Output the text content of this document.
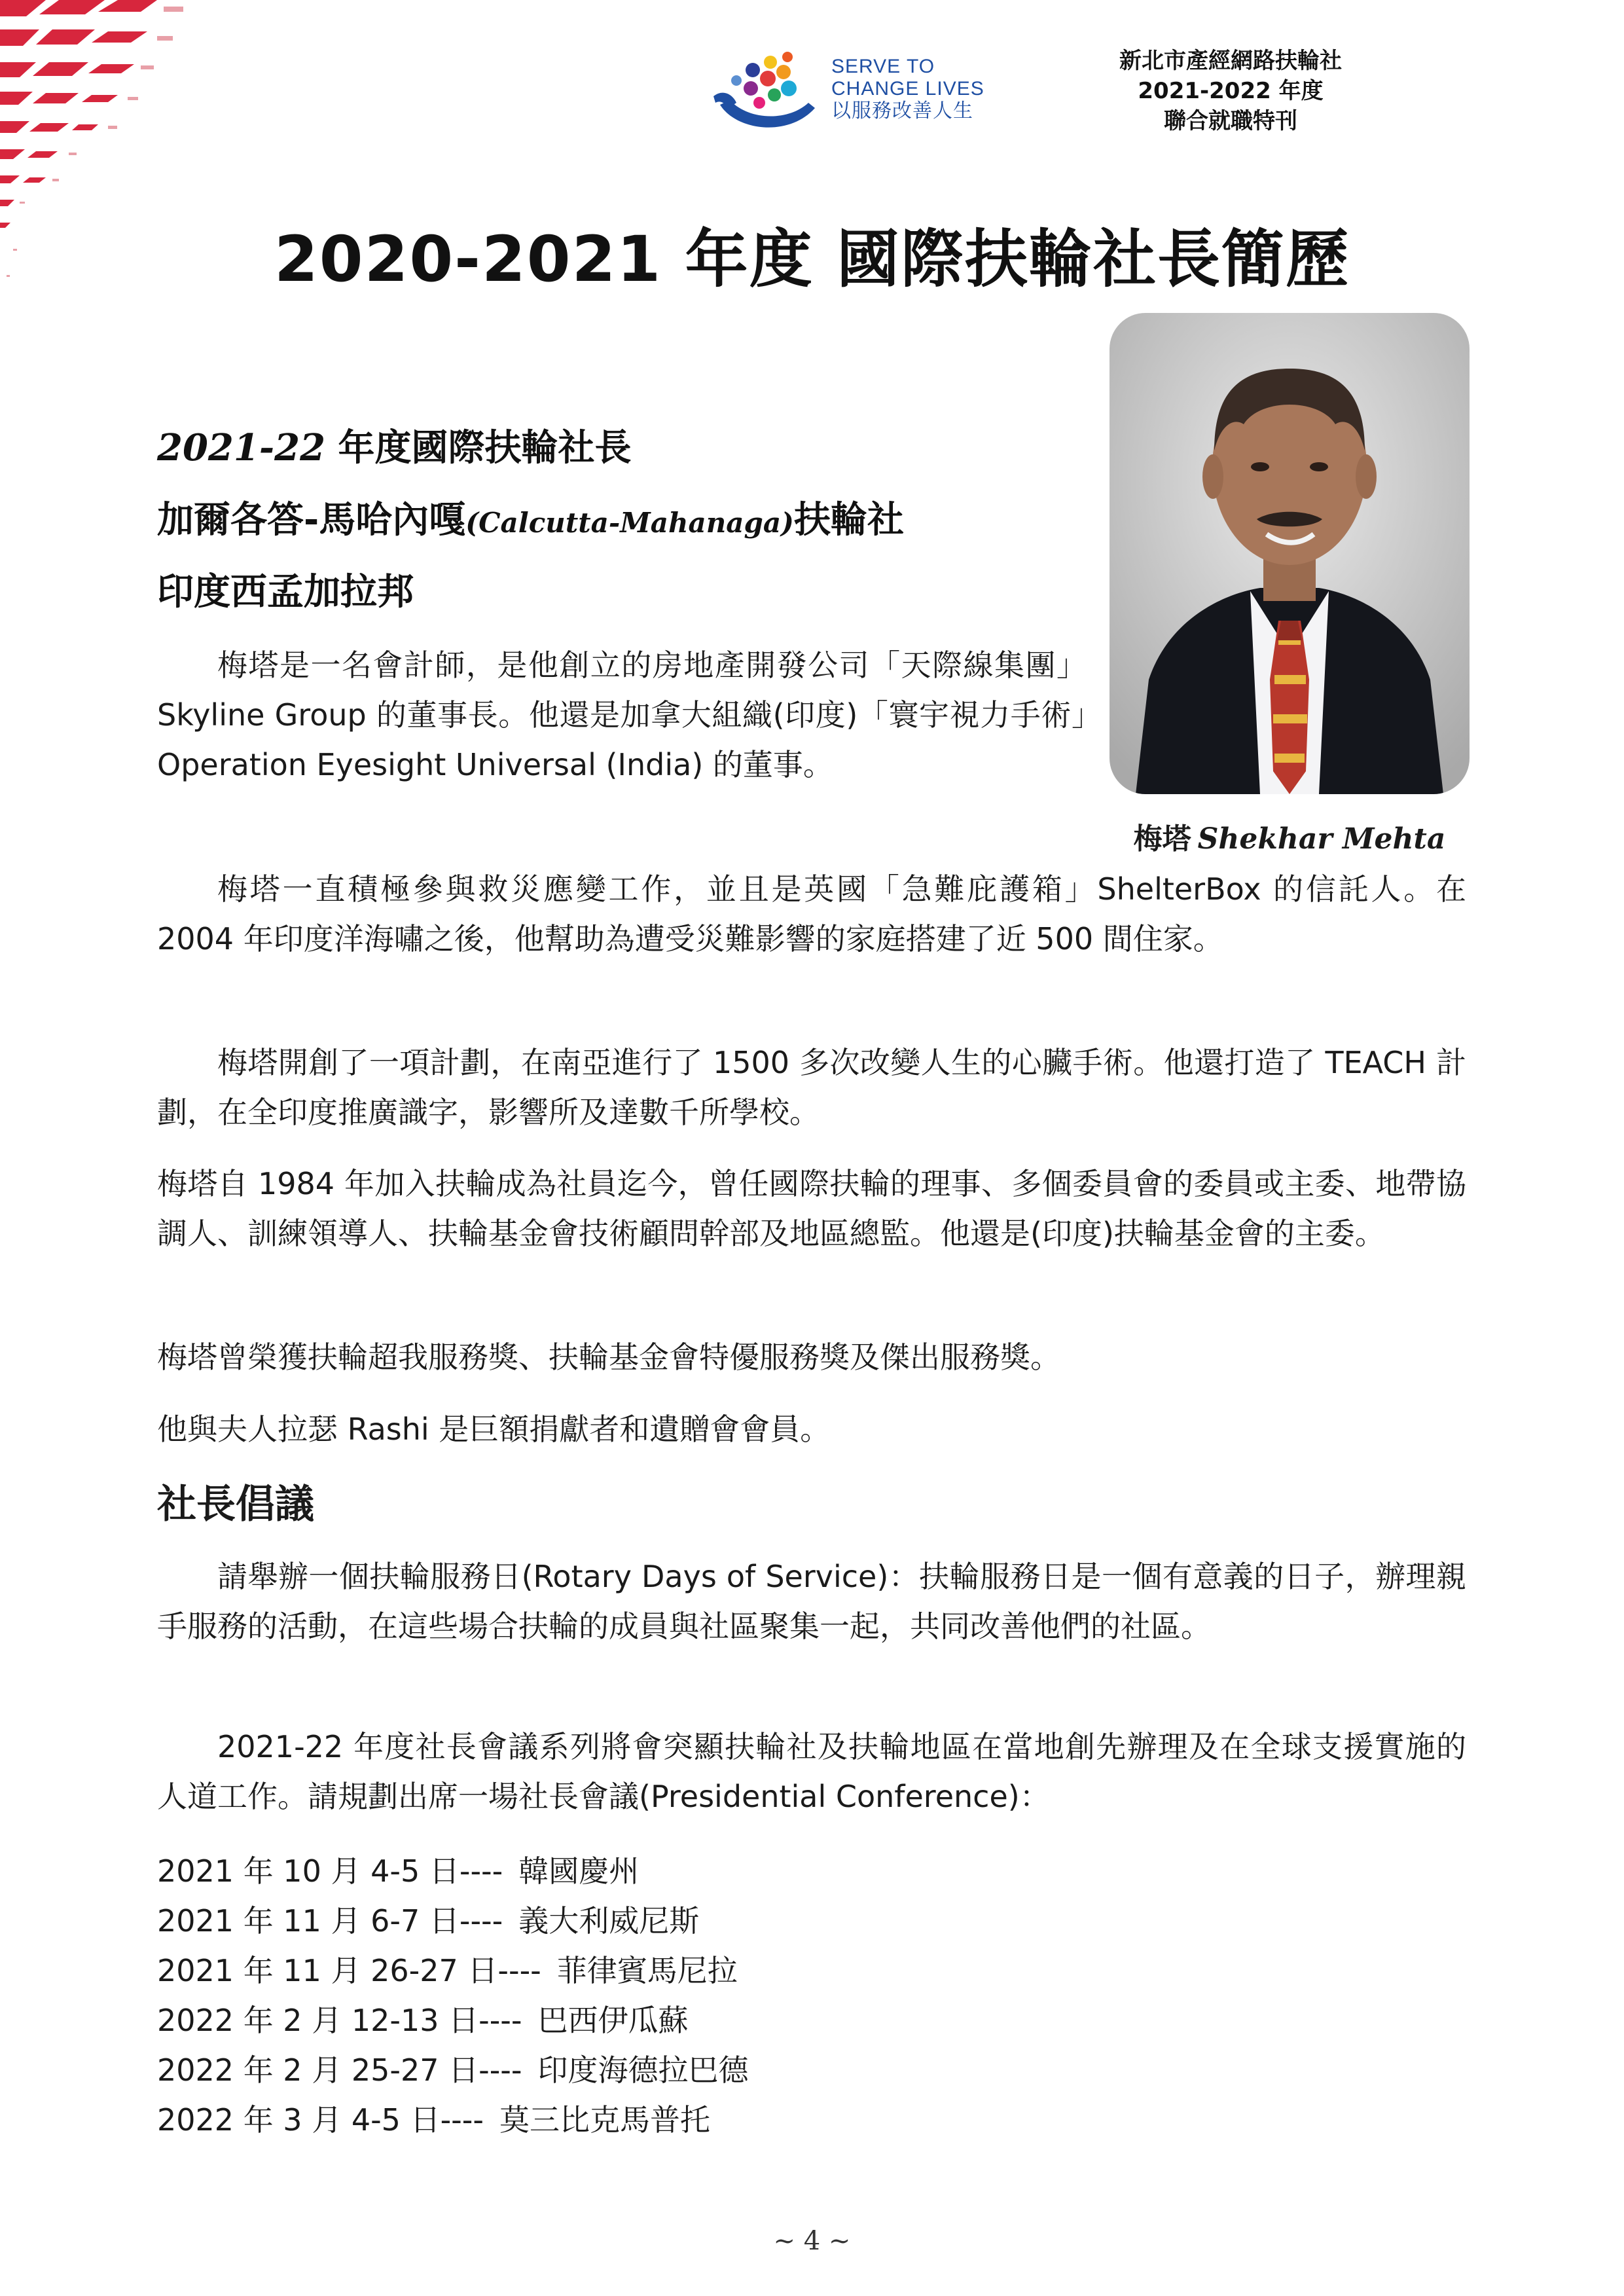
SERVE TO
CHANGE LIVES
以服務改善人生
新北市產經網路扶輪社
2021-2022 年度
聯合就職特刊
2020-2021 年度 國際扶輪社長簡歷
梅塔 Shekhar Mehta
2021-22 年度國際扶輪社長
加爾各答-馬哈內嘎(Calcutta-Mahanaga)扶輪社
印度西孟加拉邦

梅塔是一名會計師，是他創立的房地產開發公司「天際線集團」Skyline Group 的董事長。他還是加拿大組織(印度)「寰宇視力手術」Operation Eyesight Universal (India) 的董事。

梅塔一直積極參與救災應變工作，並且是英國「急難庇護箱」ShelterBox 的信託人。在 2004 年印度洋海嘯之後，他幫助為遭受災難影響的家庭搭建了近 500 間住家。

梅塔開創了一項計劃，在南亞進行了 1500 多次改變人生的心臟手術。他還打造了 TEACH 計劃，在全印度推廣識字，影響所及達數千所學校。

梅塔自 1984 年加入扶輪成為社員迄今，曾任國際扶輪的理事、多個委員會的委員或主委、地帶協調人、訓練領導人、扶輪基金會技術顧問幹部及地區總監。他還是(印度)扶輪基金會的主委。

梅塔曾榮獲扶輪超我服務獎、扶輪基金會特優服務獎及傑出服務獎。

他與夫人拉瑟 Rashi 是巨額捐獻者和遺贈會會員。

社長倡議

請舉辦一個扶輪服務日(Rotary Days of Service)：扶輪服務日是一個有意義的日子，辦理親手服務的活動，在這些場合扶輪的成員與社區聚集一起，共同改善他們的社區。

2021-22 年度社長會議系列將會突顯扶輪社及扶輪地區在當地創先辦理及在全球支援實施的人道工作。請規劃出席一場社長會議(Presidential Conference)：

2021 年 10 月 4-5 日---- 韓國慶州
2021 年 11 月 6-7 日---- 義大利威尼斯
2021 年 11 月 26-27 日---- 菲律賓馬尼拉
2022 年 2 月 12-13 日---- 巴西伊瓜蘇
2022 年 2 月 25-27 日---- 印度海德拉巴德
2022 年 3 月 4-5 日---- 莫三比克馬普托
~ 4 ~
